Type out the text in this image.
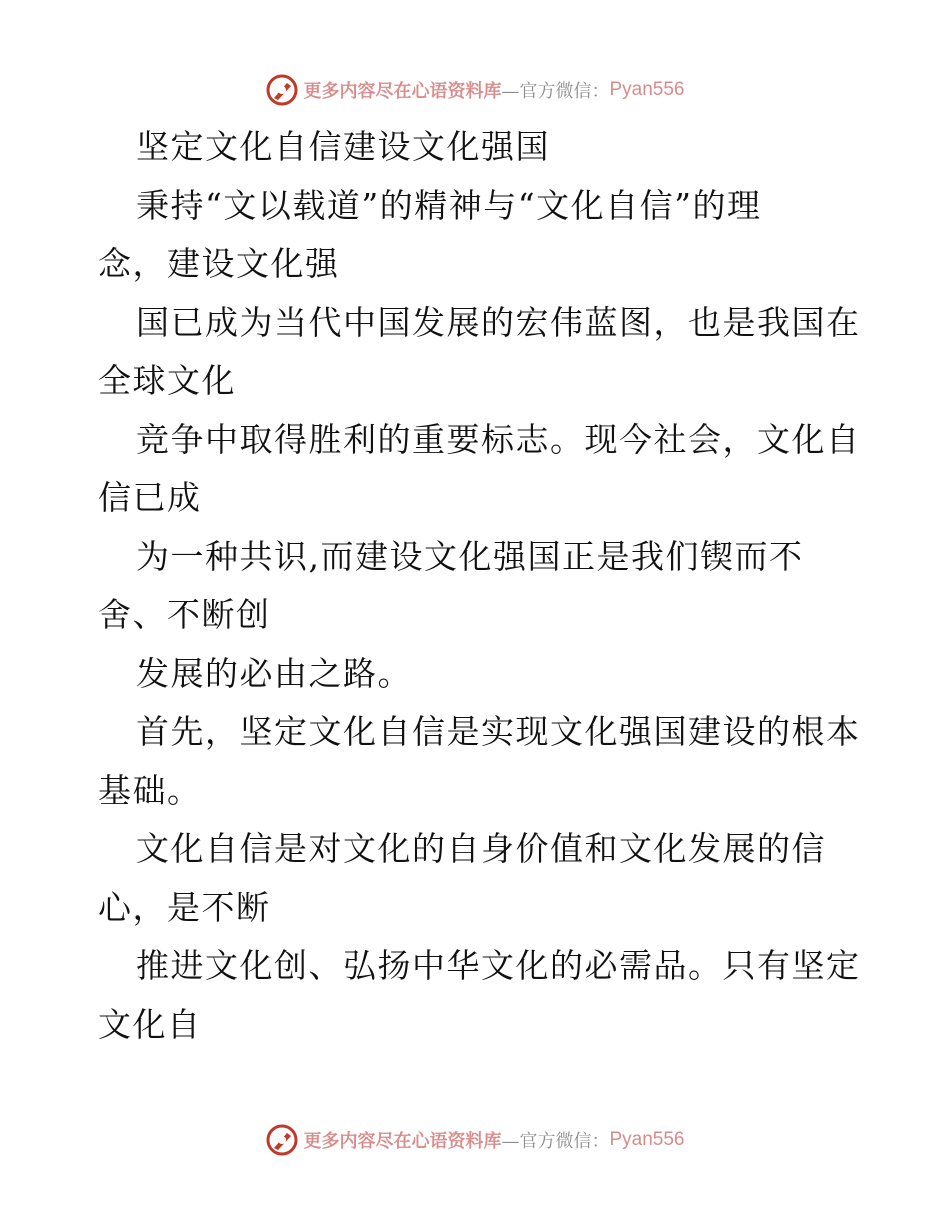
更多内容尽在心语资料库 —官方微信： Pyan556
坚定文化自信建设文化强国
秉持“文以载道”的精神与“文化自信”的理
念，建设文化强
国已成为当代中国发展的宏伟蓝图，也是我国在
全球文化
竞争中取得胜利的重要标志。现今社会，文化自
信已成
为一种共识,而建设文化强国正是我们锲而不
舍、不断创
发展的必由之路。
首先，坚定文化自信是实现文化强国建设的根本
基础。
文化自信是对文化的自身价值和文化发展的信
心，是不断
推进文化创、弘扬中华文化的必需品。只有坚定
文化自
更多内容尽在心语资料库 —官方微信： Pyan556
